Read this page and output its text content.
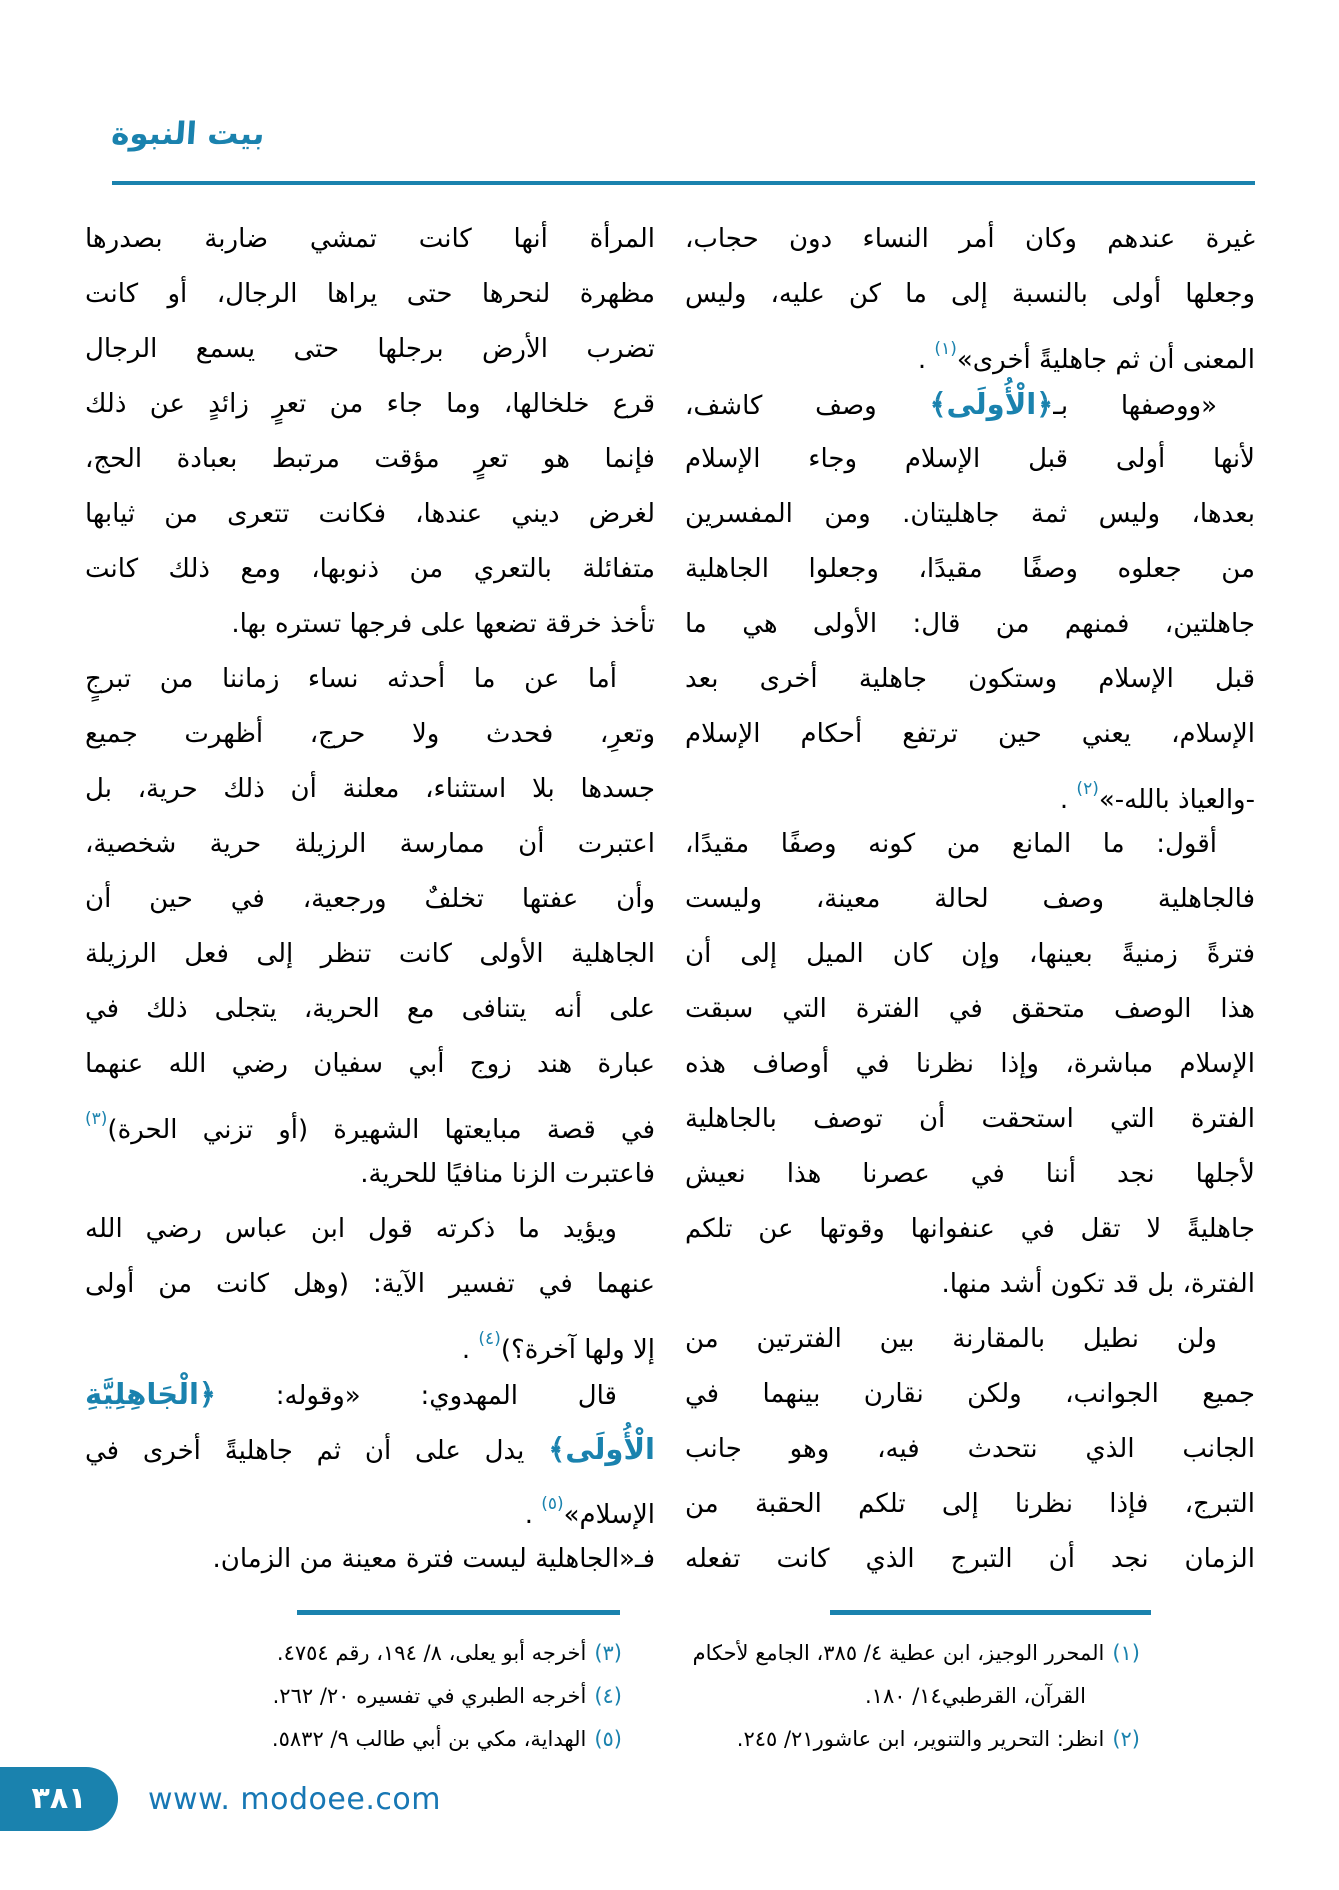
بيت النبوة
غيرة عندهم وكان أمر النساء دون حجاب،
وجعلها أولى بالنسبة إلى ما كن عليه، وليس
المعنى أن ثم جاهليةً أخرى»$^{(١)}$ .
«ووصفها بـ﴿الْأُولَى﴾ وصف كاشف،
لأنها أولى قبل الإسلام وجاء الإسلام
بعدها، وليس ثمة جاهليتان. ومن المفسرين
من جعلوه وصفًا مقيدًا، وجعلوا الجاهلية
جاهلتين، فمنهم من قال: الأولى هي ما
قبل الإسلام وستكون جاهلية أخرى بعد
الإسلام، يعني حين ترتفع أحكام الإسلام
-والعياذ بالله-»$^{(٢)}$ .
أقول: ما المانع من كونه وصفًا مقيدًا،
فالجاهلية وصف لحالة معينة، وليست
فترةً زمنيةً بعينها، وإن كان الميل إلى أن
هذا الوصف متحقق في الفترة التي سبقت
الإسلام مباشرة، وإذا نظرنا في أوصاف هذه
الفترة التي استحقت أن توصف بالجاهلية
لأجلها نجد أننا في عصرنا هذا نعيش
جاهليةً لا تقل في عنفوانها وقوتها عن تلكم
الفترة، بل قد تكون أشد منها.
ولن نطيل بالمقارنة بين الفترتين من
جميع الجوانب، ولكن نقارن بينهما في
الجانب الذي نتحدث فيه، وهو جانب
التبرج، فإذا نظرنا إلى تلكم الحقبة من
الزمان نجد أن التبرج الذي كانت تفعله
المرأة أنها كانت تمشي ضاربة بصدرها
مظهرة لنحرها حتى يراها الرجال، أو كانت
تضرب الأرض برجلها حتى يسمع الرجال
قرع خلخالها، وما جاء من تعرٍ زائدٍ عن ذلك
فإنما هو تعرٍ مؤقت مرتبط بعبادة الحج،
لغرض ديني عندها، فكانت تتعرى من ثيابها
متفائلة بالتعري من ذنوبها، ومع ذلك كانت
تأخذ خرقة تضعها على فرجها تستره بها.
أما عن ما أحدثه نساء زماننا من تبرجٍ
وتعرِ، فحدث ولا حرج، أظهرت جميع
جسدها بلا استثناء، معلنة أن ذلك حرية، بل
اعتبرت أن ممارسة الرزيلة حرية شخصية،
وأن عفتها تخلفٌ ورجعية، في حين أن
الجاهلية الأولى كانت تنظر إلى فعل الرزيلة
على أنه يتنافى مع الحرية، يتجلى ذلك في
عبارة هند زوج أبي سفيان رضي الله عنهما
في قصة مبايعتها الشهيرة (أو تزني الحرة)$^{(٣)}$
فاعتبرت الزنا منافيًا للحرية.
ويؤيد ما ذكرته قول ابن عباس رضي الله
عنهما في تفسير الآية: (وهل كانت من أولى
إلا ولها آخرة؟)$^{(٤)}$ .
قال المهدوي: «وقوله: ﴿الْجَاهِلِيَّةِ
الْأُولَى﴾ يدل على أن ثم جاهليةً أخرى في
الإسلام»$^{(٥)}$ .
فـ«الجاهلية ليست فترة معينة من الزمان.
(١)المحرر الوجيز، ابن عطية ٤/ ٣٨٥، الجامع لأحكام القرآن، القرطبي١٤/ ١٨٠.
(٢)انظر: التحرير والتنوير، ابن عاشور٢١/ ٢٤٥.
(٣)أخرجه أبو يعلى، ٨/ ١٩٤، رقم ٤٧٥٤.
(٤)أخرجه الطبري في تفسيره ٢٠/ ٢٦٢.
(٥)الهداية، مكي بن أبي طالب ٩/ ٥٨٣٢.
٣٨١	www. modoee.com
